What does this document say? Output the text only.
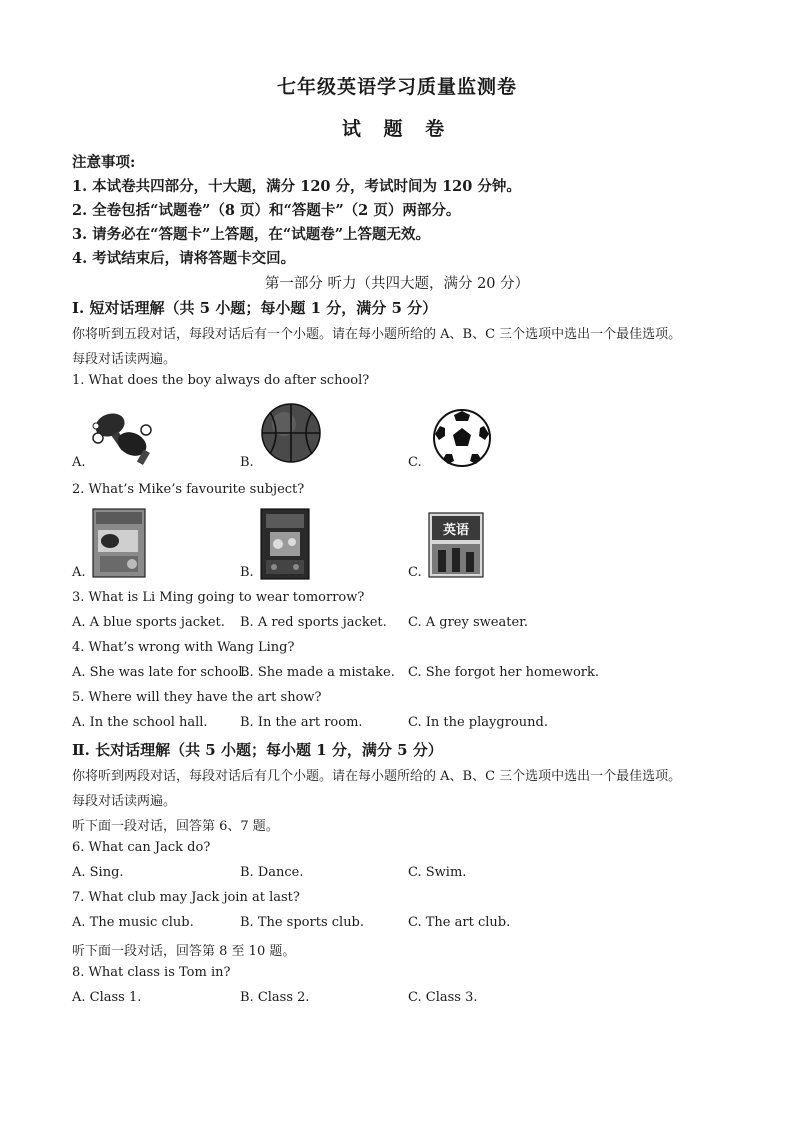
七年级英语学习质量监测卷
试 题 卷
注意事项:
1. 本试卷共四部分，十大题，满分 120 分，考试时间为 120 分钟。
2. 全卷包括“试题卷”（8 页）和“答题卡”（2 页）两部分。
3. 请务必在“答题卡”上答题，在“试题卷”上答题无效。
4. 考试结束后，请将答题卡交回。
第一部分 听力（共四大题，满分 20 分）
Ⅰ. 短对话理解（共 5 小题；每小题 1 分，满分 5 分）
你将听到五段对话，每段对话后有一个小题。请在每小题所给的 A、B、C 三个选项中选出一个最佳选项。
每段对话读两遍。
1. What does the boy always do after school?
A.	B.	C.
2. What’s Mike’s favourite subject?
A.	B.	C.
英语
3. What is Li Ming going to wear tomorrow?
A. A blue sports jacket. B. A red sports jacket. C. A grey sweater.
4. What’s wrong with Wang Ling?
A. She was late for school.
B. She made a mistake. C. She forgot her homework.
5. Where will they have the art show?
A. In the school hall. B. In the art room.	C. In the playground.
Ⅱ. 长对话理解（共 5 小题；每小题 1 分，满分 5 分）
你将听到两段对话，每段对话后有几个小题。请在每小题所给的 A、B、C 三个选项中选出一个最佳选项。
每段对话读两遍。
听下面一段对话，回答第 6、7 题。
6. What can Jack do?
A. Sing.	B. Dance.	C. Swim.
7. What club may Jack join at last?
A. The music club.	B. The sports club.	C. The art club.
听下面一段对话，回答第 8 至 10 题。
8. What class is Tom in?
A. Class 1.	B. Class 2.	C. Class 3.
